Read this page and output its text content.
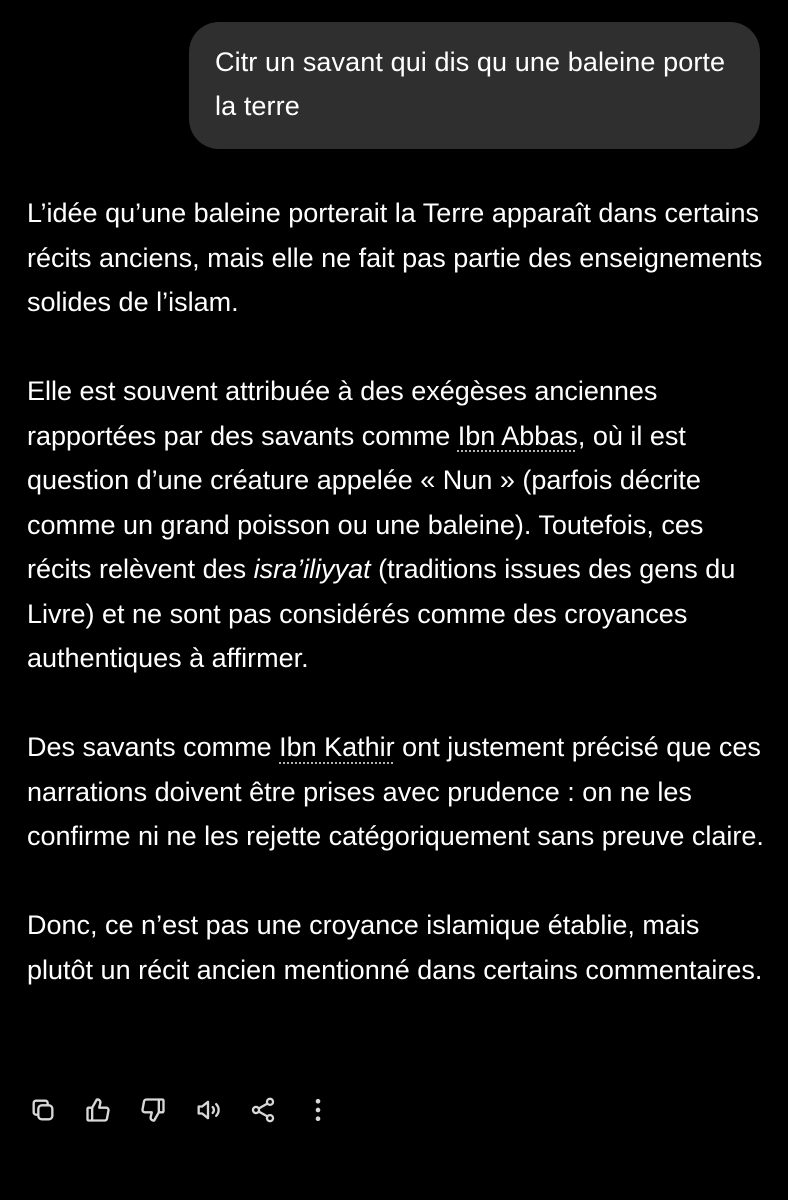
Citr un savant qui dis qu une baleine porte la terre

L’idée qu’une baleine porterait la Terre apparaît dans certains récits anciens, mais elle ne fait pas partie des enseignements solides de l’islam.

Elle est souvent attribuée à des exégèses anciennes rapportées par des savants comme Ibn Abbas, où il est question d’une créature appelée « Nun » (parfois décrite comme un grand poisson ou une baleine). Toutefois, ces récits relèvent des isra’iliyyat (traditions issues des gens du Livre) et ne sont pas considérés comme des croyances authentiques à affirmer.

Des savants comme Ibn Kathir ont justement précisé que ces narrations doivent être prises avec prudence : on ne les confirme ni ne les rejette catégoriquement sans preuve claire.

Donc, ce n’est pas une croyance islamique établie, mais plutôt un récit ancien mentionné dans certains commentaires.
